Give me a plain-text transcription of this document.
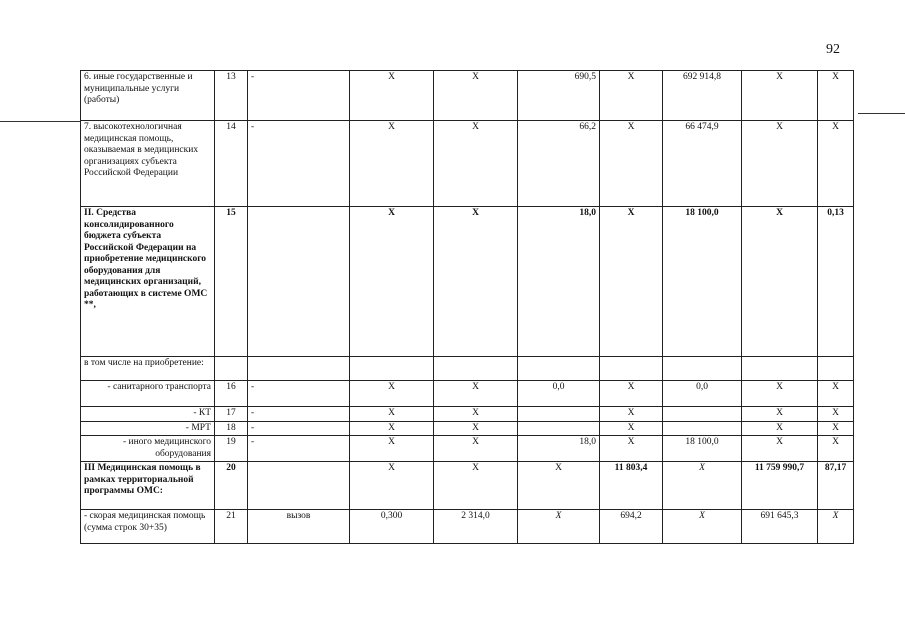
92
6. иные государственные и муниципальные услуги (работы)	13	-	X	X	690,5	X	692 914,8	X	X
7. высокотехнологичная медицинская помощь, оказываемая в медицинских организациях субъекта Российской Федерации	14	-	X	X	66,2	X	66 474,9	X	X
II. Средства консолидированного бюджета субъекта Российской Федерации на приобретение медицинского оборудования для медицинских организаций, работающих в системе ОМС **,	15		X	X	18,0	X	18 100,0	X	0,13
в том числе на приобретение:									
- санитарного транспорта	16	-	X	X	0,0	X	0,0	X	X
- КТ	17	-	X	X		X		X	X
- МРТ	18	-	X	X		X		X	X
- иного медицинского оборудования	19	-	X	X	18,0	X	18 100,0	X	X
III Медицинская помощь в рамках территориальной программы ОМС:	20		X	X	X	11 803,4	X	11 759 990,7	87,17
- скорая медицинская помощь (сумма строк 30+35)	21	вызов	0,300	2 314,0	X	694,2	X	691 645,3	X
